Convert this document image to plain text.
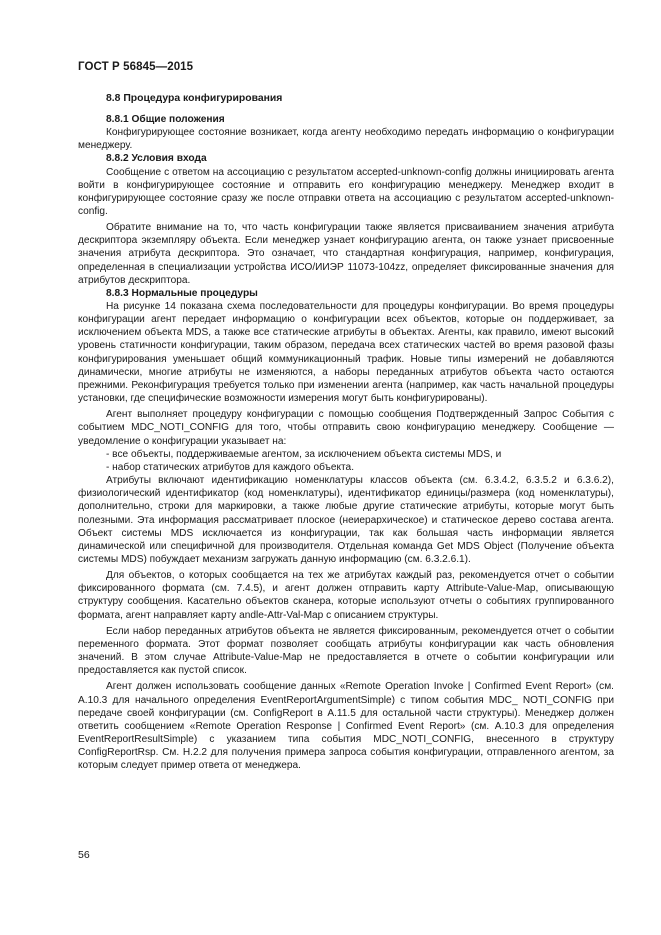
ГОСТ Р 56845—2015
8.8 Процедура конфигурирования
8.8.1 Общие положения

Конфигурирующее состояние возникает, когда агенту необходимо передать информацию о конфигурации менеджеру.

8.8.2 Условия входа

Сообщение с ответом на ассоциацию с результатом accepted-unknown-config должны инициировать агента войти в конфигурирующее состояние и отправить его конфигурацию менеджеру. Менеджер входит в конфигурирующее состояние сразу же после отправки ответа на ассоциацию с результатом accepted-unknown-config.

Обратите внимание на то, что часть конфигурации также является присваиванием значения атрибута дескриптора экземпляру объекта. Если менеджер узнает конфигурацию агента, он также узнает присвоенные значения атрибута дескриптора. Это означает, что стандартная конфигурация, например, конфигурация, определенная в специализации устройства ИСО/ИИЭР 11073-104zz, определяет фиксированные значения для атрибутов дескриптора.

8.8.3 Нормальные процедуры

На рисунке 14 показана схема последовательности для процедуры конфигурации. Во время процедуры конфигурации агент передает информацию о конфигурации всех объектов, которые он поддерживает, за исключением объекта MDS, а также все статические атрибуты в объектах. Агенты, как правило, имеют высокий уровень статичности конфигурации, таким образом, передача всех статических частей во время разовой фазы конфигурирования уменьшает общий коммуникационный трафик. Новые типы измерений не добавляются динамически, многие атрибуты не изменяются, а наборы переданных атрибутов объекта часто остаются прежними. Реконфигурация требуется только при изменении агента (например, как часть начальной процедуры установки, где специфические возможности измерения могут быть конфигурированы).

Агент выполняет процедуру конфигурации с помощью сообщения Подтвержденный Запрос События с событием MDC_NOTI_CONFIG для того, чтобы отправить свою конфигурацию менеджеру. Сообщение — уведомление о конфигурации указывает на:

- все объекты, поддерживаемые агентом, за исключением объекта системы MDS, и

- набор статических атрибутов для каждого объекта.

Атрибуты включают идентификацию номенклатуры классов объекта (см. 6.3.4.2, 6.3.5.2 и 6.3.6.2), физиологический идентификатор (код номенклатуры), идентификатор единицы/размера (код номенклатуры), дополнительно, строки для маркировки, а также любые другие статические атрибуты, которые могут быть полезными. Эта информация рассматривает плоское (неиерархическое) и статическое дерево состава агента. Объект системы MDS исключается из конфигурации, так как большая часть информации является динамической или специфичной для производителя. Отдельная команда Get MDS Object (Получение объекта системы MDS) побуждает механизм загружать данную информацию (см. 6.3.2.6.1).

Для объектов, о которых сообщается на тех же атрибутах каждый раз, рекомендуется отчет о событии фиксированного формата (см. 7.4.5), и агент должен отправить карту Attribute-Value-Map, описывающую структуру сообщения. Касательно объектов сканера, которые используют отчеты о событиях группированного формата, агент направляет карту andle-Attr-Val-Map с описанием структуры.

Если набор переданных атрибутов объекта не является фиксированным, рекомендуется отчет о событии переменного формата. Этот формат позволяет сообщать атрибуты конфигурации как часть обновления значений. В этом случае Attribute-Value-Map не предоставляется в отчете о событии конфигурации или предоставляется как пустой список.

Агент должен использовать сообщение данных «Remote Operation Invoke | Confirmed Event Report» (см. А.10.3 для начального определения EventReportArgumentSimple) с типом события MDC_ NOTI_CONFIG при передаче своей конфигурации (см. ConfigReport в А.11.5 для остальной части структуры). Менеджер должен ответить сообщением «Remote Operation Response | Confirmed Event Report» (см. А.10.3 для определения EventReportResultSimple) с указанием типа события MDC_NOTI_CONFIG, внесенного в структуру ConfigReportRsp. См. Н.2.2 для получения примера запроса события конфигурации, отправленного агентом, за которым следует пример ответа от менеджера.

56
